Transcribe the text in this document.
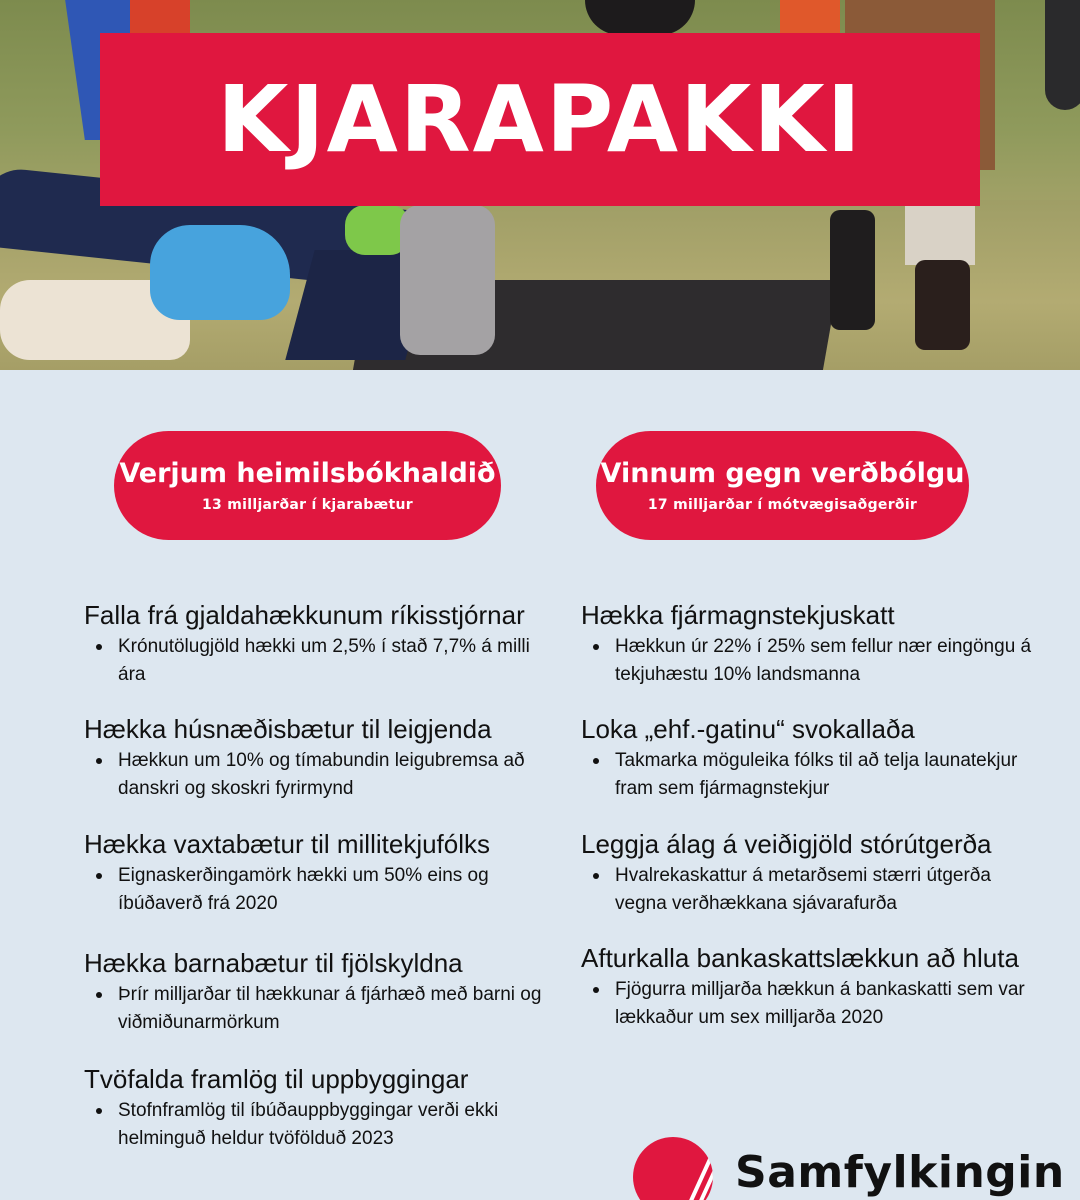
KJARAPAKKI
Verjum heimilsbókhaldið
13 milljarðar í kjarabætur
Vinnum gegn verðbólgu
17 milljarðar í mótvægisaðgerðir
Falla frá gjaldahækkunum ríkisstjórnar
Krónutölugjöld hækki um 2,5% í stað 7,7% á milli ára
Hækka húsnæðisbætur til leigjenda
Hækkun um 10% og tímabundin leigubremsa að danskri og skoskri fyrirmynd
Hækka vaxtabætur til millitekjufólks
Eignaskerðingamörk hækki um 50% eins og íbúðaverð frá 2020
Hækka barnabætur til fjölskyldna
Þrír milljarðar til hækkunar á fjárhæð með barni og viðmiðunarmörkum
Tvöfalda framlög til uppbyggingar
Stofnframlög til íbúðauppbyggingar verði ekki helminguð heldur tvöfölduð 2023
Hækka fjármagnstekjuskatt
Hækkun úr 22% í 25% sem fellur nær eingöngu á tekjuhæstu 10% landsmanna
Loka „ehf.-gatinu“ svokallaða
Takmarka möguleika fólks til að telja launatekjur fram sem fjármagnstekjur
Leggja álag á veiðigjöld stórútgerða
Hvalrekaskattur á metarðsemi stærri útgerða vegna verðhækkana sjávarafurða
Afturkalla bankaskattslækkun að hluta
Fjögurra milljarða hækkun á bankaskatti sem var lækkaður um sex milljarða 2020
Samfylkingin
